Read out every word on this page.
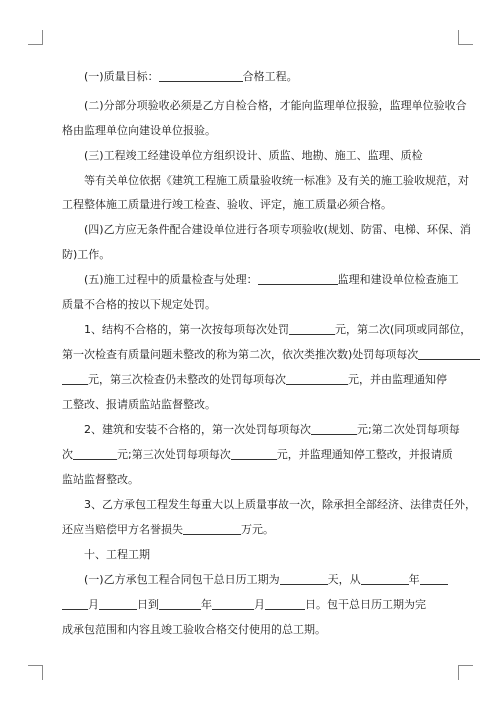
(一)质量目标：	合格工程。
(二)分部分项验收必须是乙方自检合格，才能向监理单位报验，监理单位验收合
格由监理单位向建设单位报验。
(三)工程竣工经建设单位方组织设计、质监、地勘、施工、监理、质检
等有关单位依据《建筑工程施工质量验收统一标准》及有关的施工验收规范，对
工程整体施工质量进行竣工检查、验收、评定，施工质量必须合格。
(四)乙方应无条件配合建设单位进行各项专项验收(规划、防雷、电梯、环保、消
防)工作。
(五)施工过程中的质量检查与处理：	监理和建设单位检查施工
质量不合格的按以下规定处罚。
1、结构不合格的，第一次按每项每次处罚	元，第二次(同项或同部位，
第一次检查有质量问题未整改的称为第二次，依次类推次数)处罚每项每次
元，第三次检查仍未整改的处罚每项每次	元，并由监理通知停
工整改、报请质监站监督整改。
2、建筑和安装不合格的，第一次处罚每项每次	元;第二次处罚每项每
次	元;第三次处罚每项每次	元，并监理通知停工整改，并报请质
监站监督整改。
3、乙方承包工程发生每重大以上质量事故一次，除承担全部经济、法律责任外，
还应当赔偿甲方名誉损失	万元。
十、工程工期
(一)乙方承包工程合同包干总日历工期为	天，从	年
月	日到	年	月	日。包干总日历工期为完
成承包范围和内容且竣工验收合格交付使用的总工期。
